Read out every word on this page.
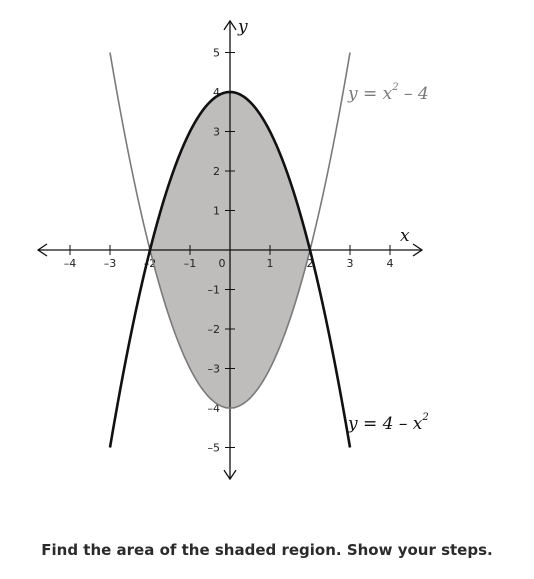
–4	–3	–2	–1 0	1	2	3	4
–5
–4
–3
–2
–1
1
2
3
4
5
x
y
$y = x^2 - 4$
$y = 4 - x^2$
Find the area of the shaded region. Show your steps.
